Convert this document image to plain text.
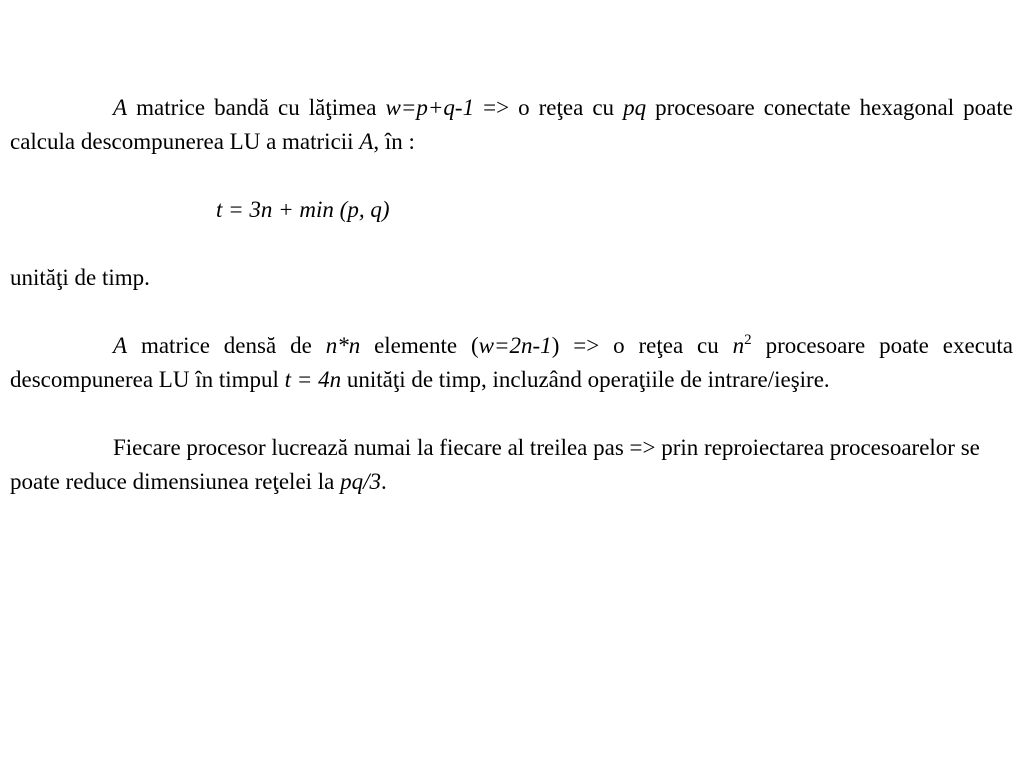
A matrice bandă cu lăţimea w=p+q-1 => o reţea cu pq procesoare conectate hexagonal poate calcula descompunerea LU a matricii A, în :

t = 3n + min (p, q)

unităţi de timp.

A matrice densă de n*n elemente (w=2n-1) => o reţea cu $n^2$ procesoare poate executa descompunerea LU în timpul t = 4n unităţi de timp, incluzând operaţiile de intrare/ieşire.

Fiecare procesor lucrează numai la fiecare al treilea pas => prin reproiectarea procesoarelor se poate reduce dimensiunea reţelei la pq/3.
